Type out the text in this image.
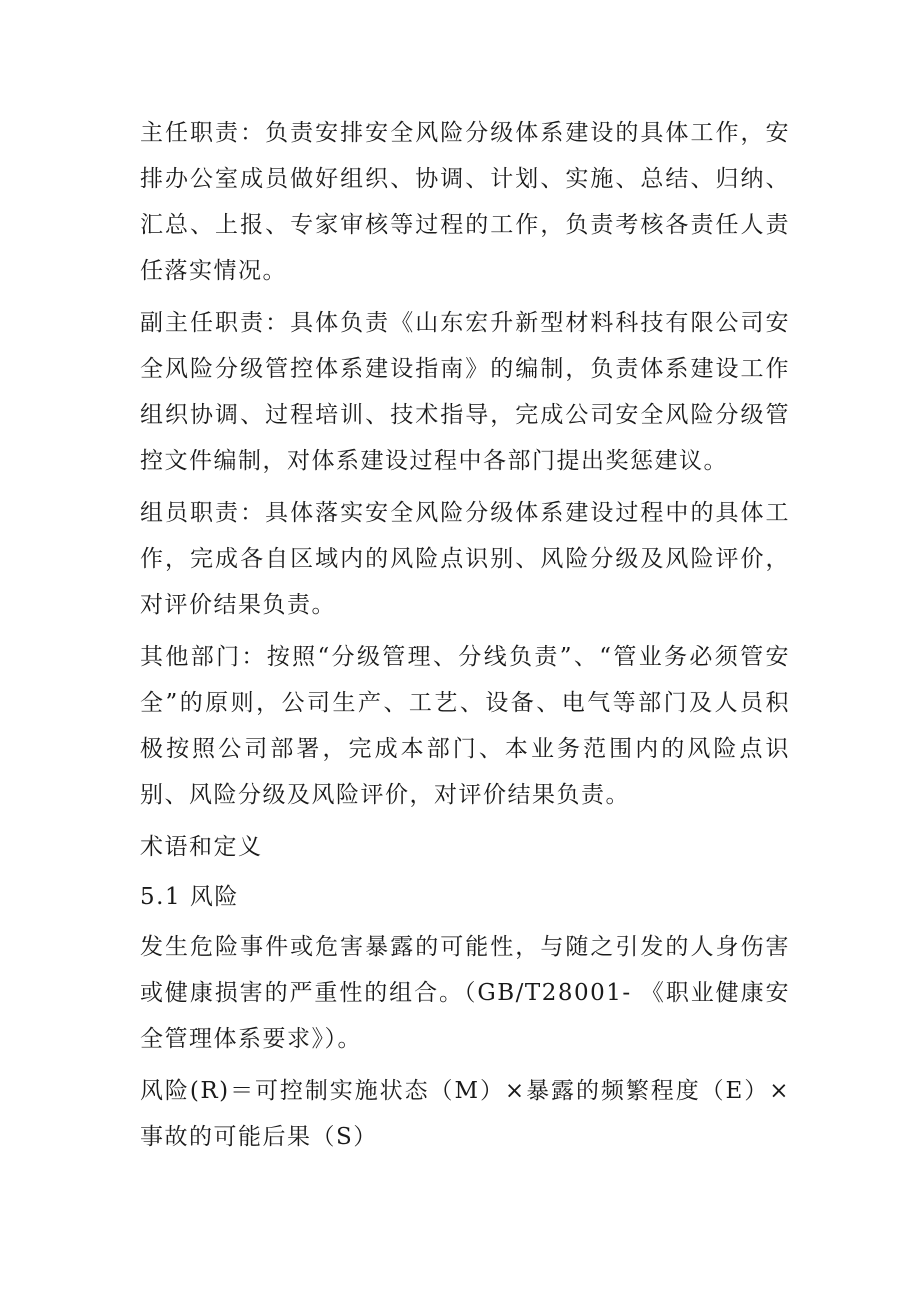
主任职责：负责安排安全风险分级体系建设的具体工作，安排办公室成员做好组织、协调、计划、实施、总结、归纳、汇总、上报、专家审核等过程的工作，负责考核各责任人责任落实情况。

副主任职责：具体负责《山东宏升新型材料科技有限公司安全风险分级管控体系建设指南》的编制，负责体系建设工作组织协调、过程培训、技术指导，完成公司安全风险分级管控文件编制，对体系建设过程中各部门提出奖惩建议。

组员职责：具体落实安全风险分级体系建设过程中的具体工作，完成各自区域内的风险点识别、风险分级及风险评价，对评价结果负责。

其他部门：按照“分级管理、分线负责”、“管业务必须管安全”的原则，公司生产、工艺、设备、电气等部门及人员积极按照公司部署，完成本部门、本业务范围内的风险点识别、风险分级及风险评价，对评价结果负责。

术语和定义

5.1 风险

发生危险事件或危害暴露的可能性，与随之引发的人身伤害或健康损害的严重性的组合。（GB/T28001- 《职业健康安全管理体系要求》）。

风险(R)＝可控制实施状态（M）×暴露的频繁程度（E）×事故的可能后果（S）
